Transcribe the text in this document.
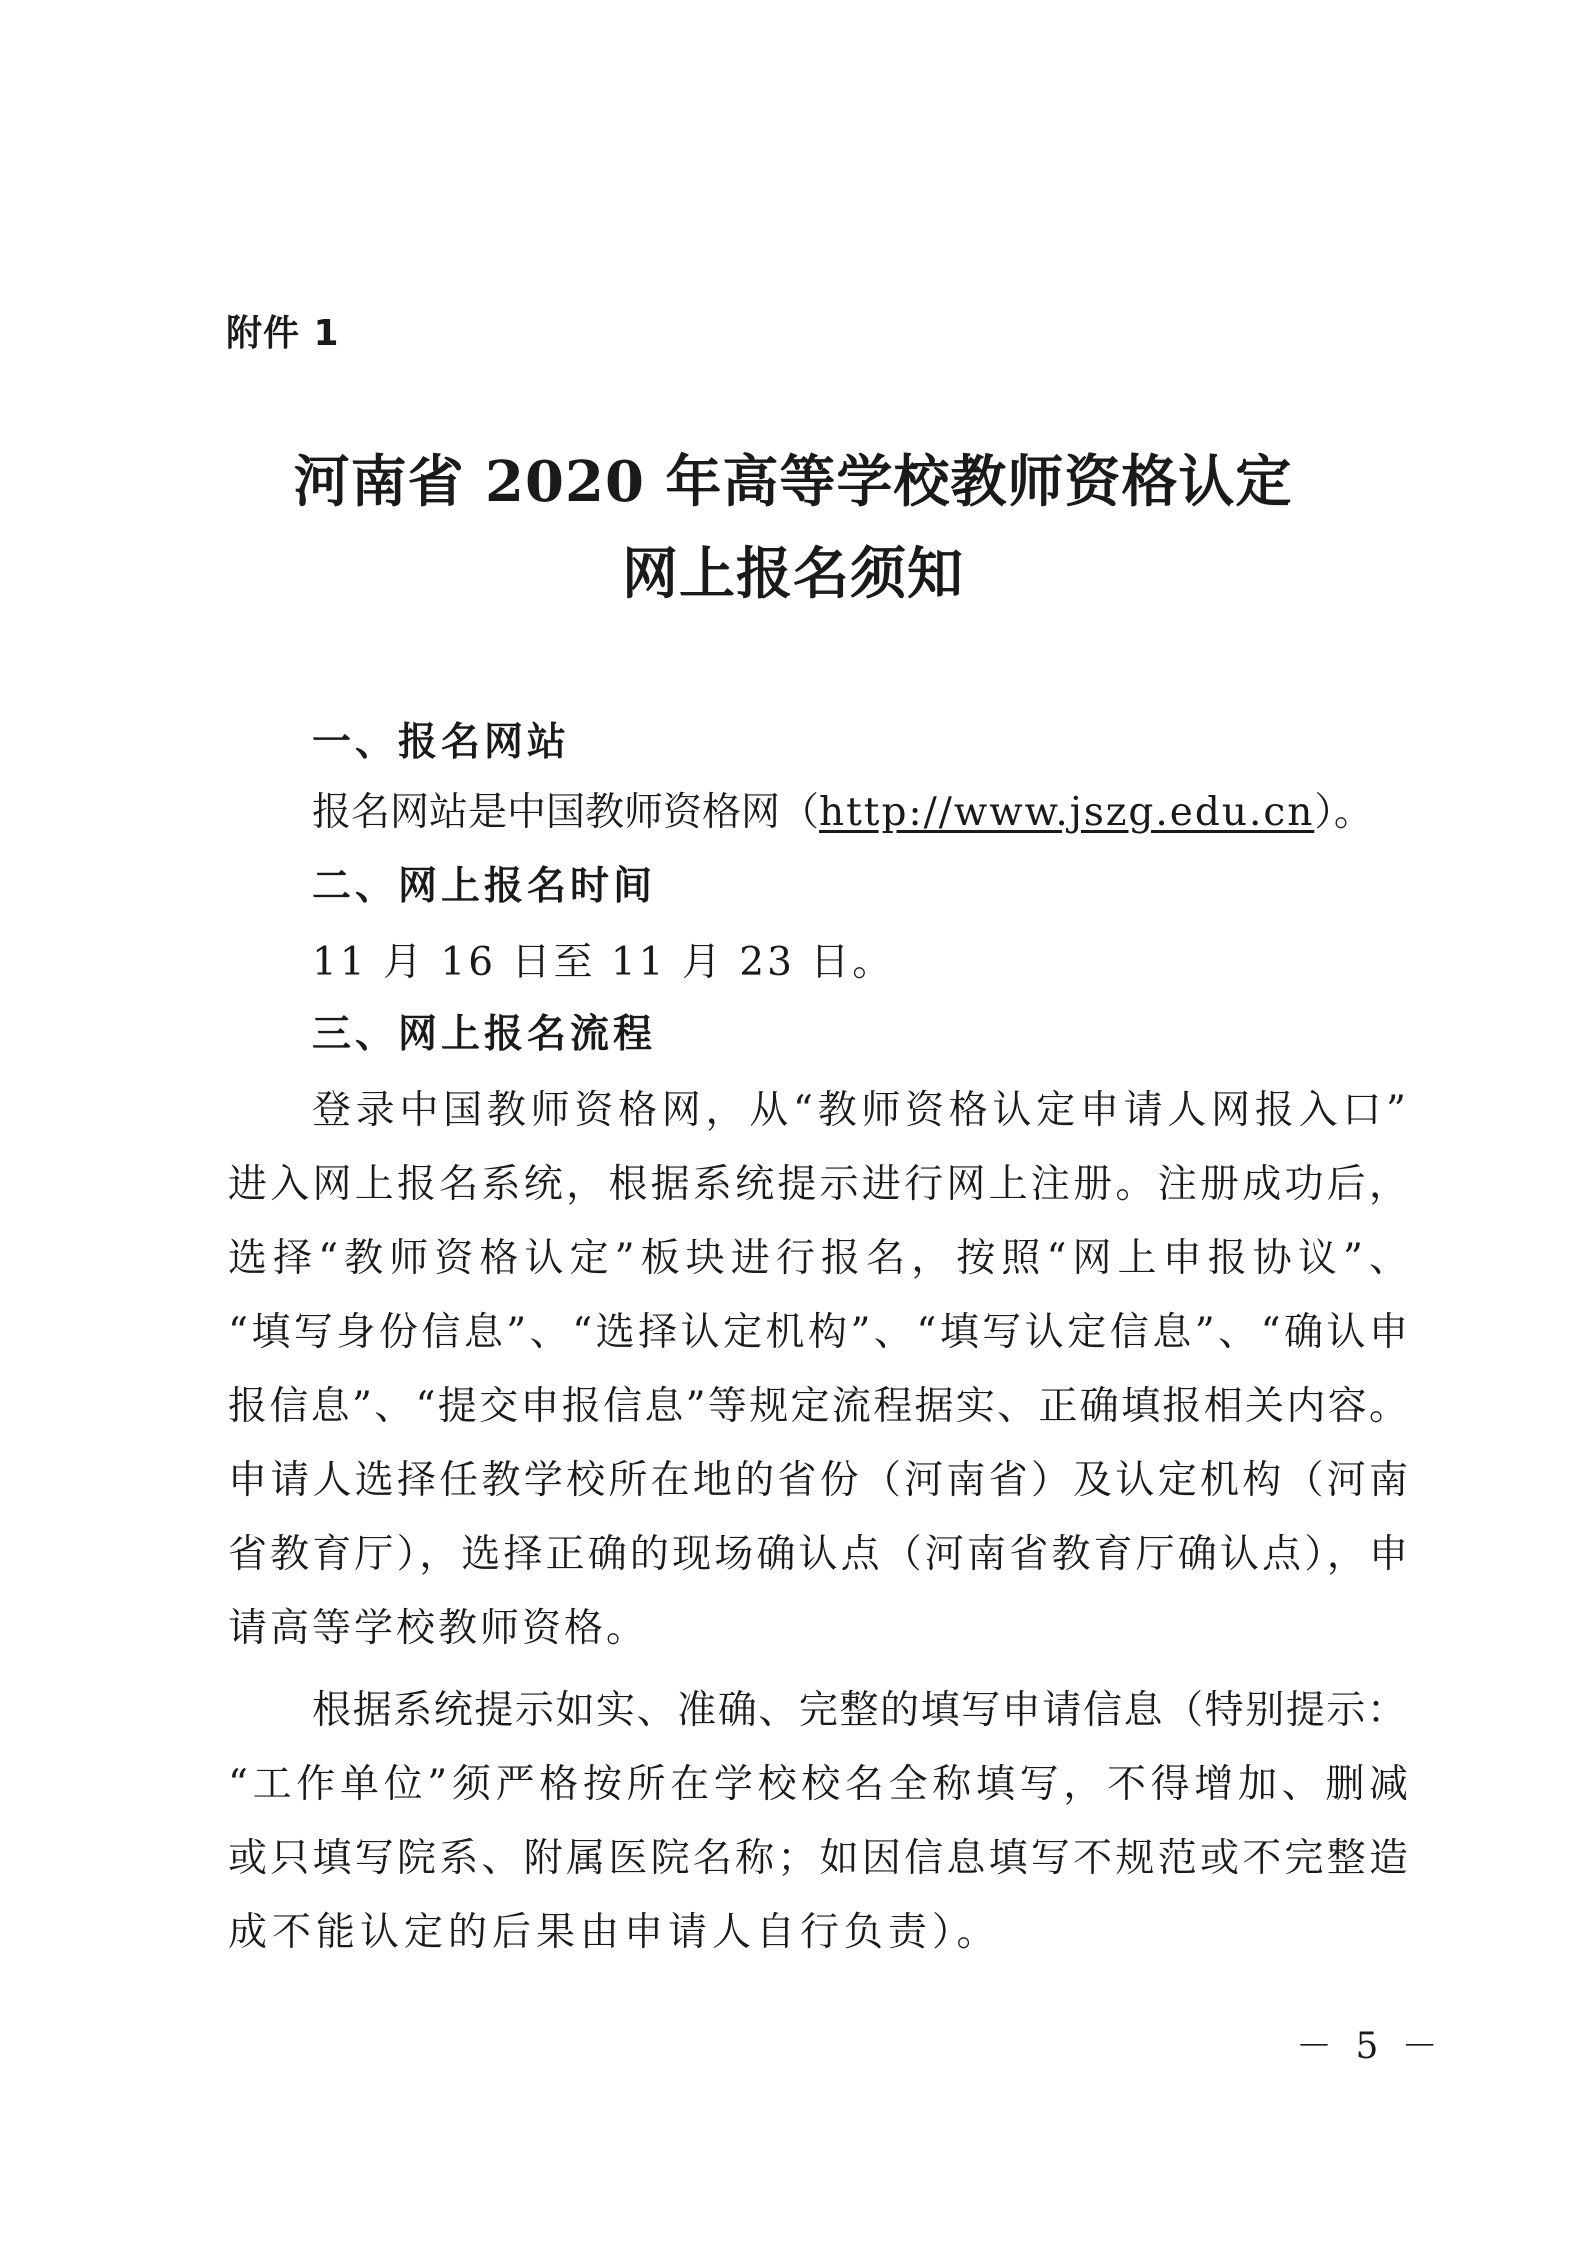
附件 1
河南省 2020 年高等学校教师资格认定
网上报名须知
一、报名网站
报名网站是中国教师资格网（http://www.jszg.edu.cn）。
二、网上报名时间
11 月 16 日至 11 月 23 日。
三、网上报名流程
登录中国教师资格网，从“教师资格认定申请人网报入口”
进入网上报名系统，根据系统提示进行网上注册。注册成功后，
选择“教师资格认定”板块进行报名，按照“网上申报协议”、
“填写身份信息”、“选择认定机构”、“填写认定信息”、“确认申
报信息”、“提交申报信息”等规定流程据实、正确填报相关内容。
申请人选择任教学校所在地的省份（河南省）及认定机构（河南
省教育厅），选择正确的现场确认点（河南省教育厅确认点），申
请高等学校教师资格。
根据系统提示如实、准确、完整的填写申请信息（特别提示：
“工作单位”须严格按所在学校校名全称填写，不得增加、删减
或只填写院系、附属医院名称；如因信息填写不规范或不完整造
成不能认定的后果由申请人自行负责）。
－ 5 －
